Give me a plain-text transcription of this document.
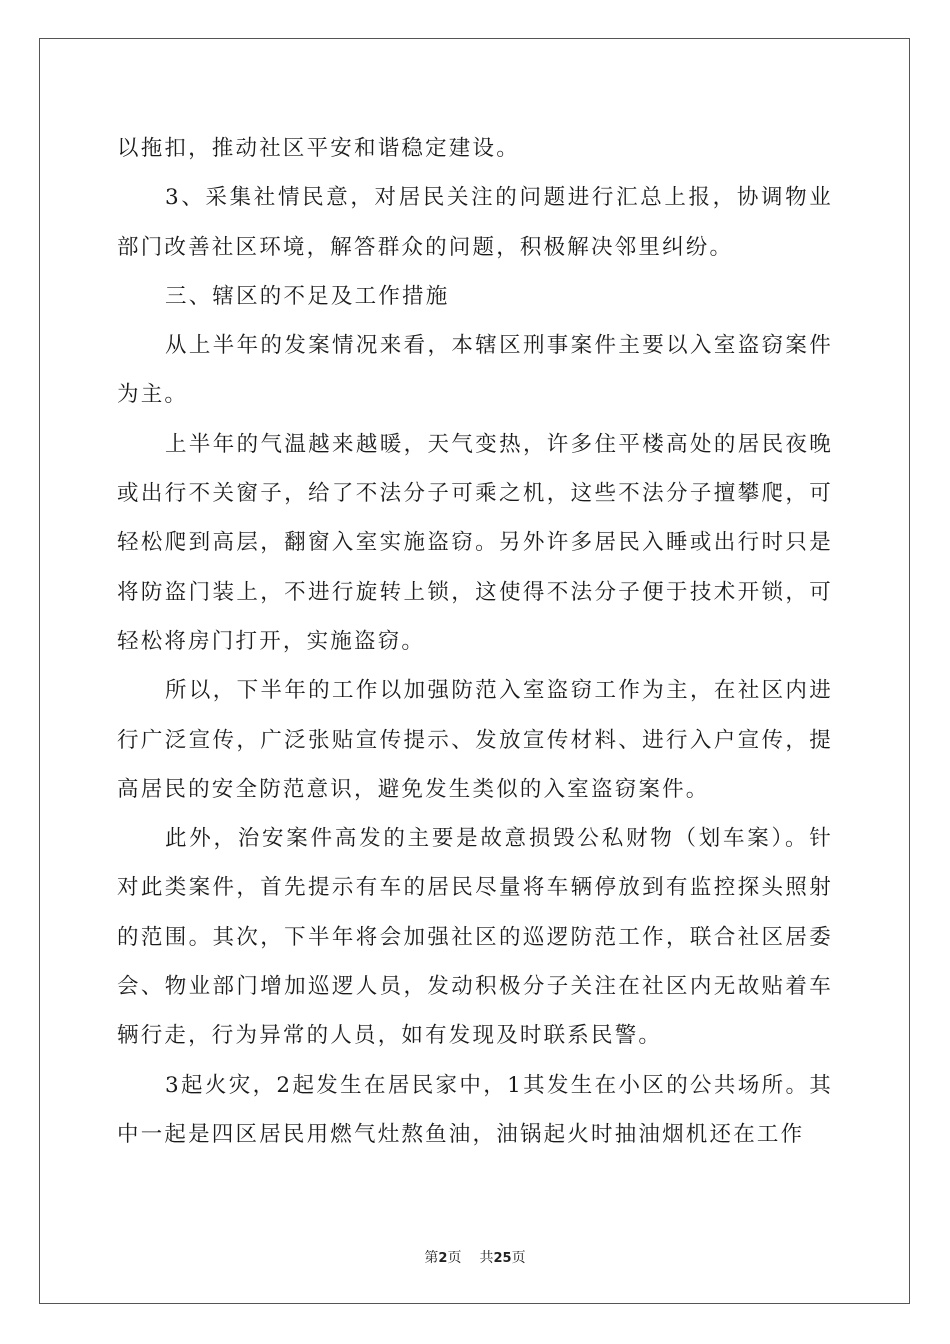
以拖扣，推动社区平安和谐稳定建设。

3、采集社情民意，对居民关注的问题进行汇总上报，协调物业部门改善社区环境，解答群众的问题，积极解决邻里纠纷。

三、辖区的不足及工作措施

从上半年的发案情况来看，本辖区刑事案件主要以入室盗窃案件为主。

上半年的气温越来越暖，天气变热，许多住平楼高处的居民夜晚或出行不关窗子，给了不法分子可乘之机，这些不法分子擅攀爬，可轻松爬到高层，翻窗入室实施盗窃。另外许多居民入睡或出行时只是将防盗门装上，不进行旋转上锁，这使得不法分子便于技术开锁，可轻松将房门打开，实施盗窃。

所以，下半年的工作以加强防范入室盗窃工作为主，在社区内进行广泛宣传，广泛张贴宣传提示、发放宣传材料、进行入户宣传，提高居民的安全防范意识，避免发生类似的入室盗窃案件。

此外，治安案件高发的主要是故意损毁公私财物（划车案）。针对此类案件，首先提示有车的居民尽量将车辆停放到有监控探头照射的范围。其次，下半年将会加强社区的巡逻防范工作，联合社区居委会、物业部门增加巡逻人员，发动积极分子关注在社区内无故贴着车辆行走，行为异常的人员，如有发现及时联系民警。

3起火灾，2起发生在居民家中，1其发生在小区的公共场所。其中一起是四区居民用燃气灶熬鱼油，油锅起火时抽油烟机还在工作

第2页 共25页
